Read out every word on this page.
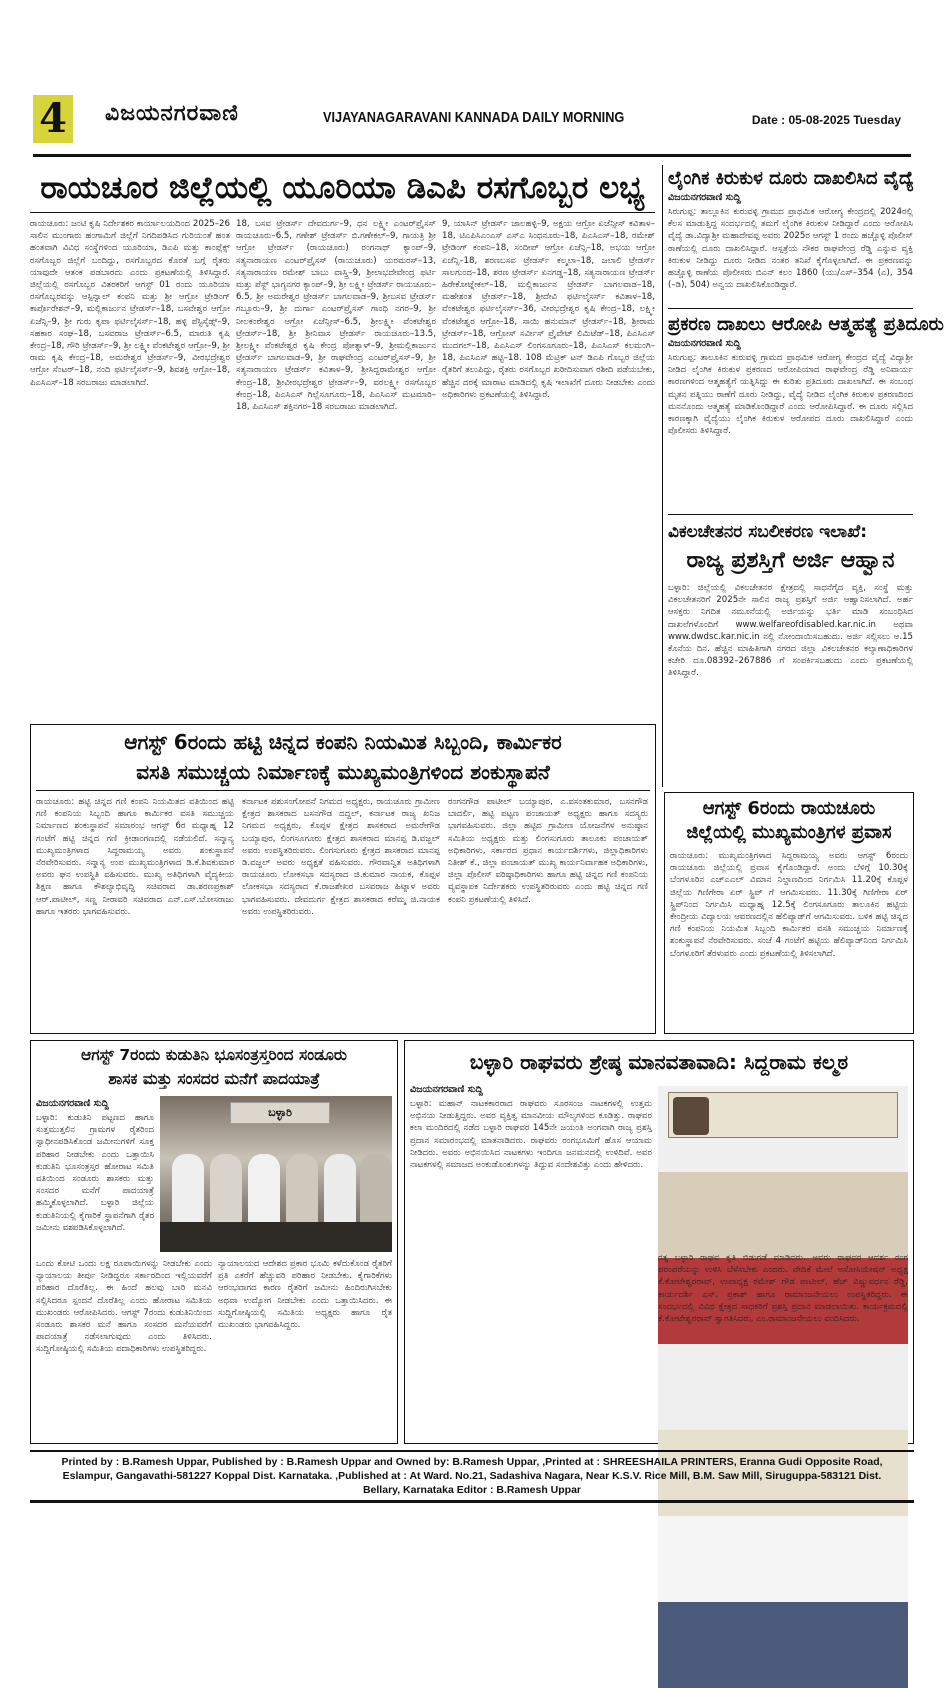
4 ವಿಜಯನಗರವಾಣಿ	VIJAYANAGARAVANI KANNADA DAILY MORNING	Date : 05-08-2025 Tuesday
ರಾಯಚೂರ ಜಿಲ್ಲೆಯಲ್ಲಿ ಯೂರಿಯಾ ಡಿಎಪಿ ರಸಗೊಬ್ಬರ ಲಭ್ಯ
ರಾಯಚೂರು: ಜಂಟಿ ಕೃಷಿ ನಿರ್ದೇಶಕರ ಕಾರ್ಯಾಲಯದಿಂದ 2025–26 ಸಾಲಿನ ಮುಂಗಾರು ಹಂಗಾಮಿಗೆ ಜಿಲ್ಲೆಗೆ ನಿಗದಿಪಡಿಸಿದ ಗುರಿಯಂತೆ ಹಂತ ಹಂತವಾಗಿ ವಿವಿಧ ಸಂಸ್ಥೆಗಳಿಂದ ಯೂರಿಯಾ, ಡಿಎಪಿ ಮತ್ತು ಕಾಂಪ್ಲೆಕ್ಸ್ ರಸಗೊಬ್ಬರ ಜಿಲ್ಲೆಗೆ ಬಂದಿದ್ದು, ರಸಗೊಬ್ಬರದ ಕೊರತೆ ಬಗ್ಗೆ ರೈತರು ಯಾವುದೇ ಆತಂಕ ಪಡಬಾರದು ಎಂದು ಪ್ರಕಟಣೆಯಲ್ಲಿ ತಿಳಿಸಿದ್ದಾರೆ. ಜಿಲ್ಲೆಯಲ್ಲಿ ರಸಗೊಬ್ಬರ ವಿತರಕರಿಗೆ ಆಗಸ್ಟ್ 01 ರಂದು ಯೂರಿಯಾ ರಸಗೊಬ್ಬರವನ್ನು ಆಸ್ಪಿನ್ವಾಲ್ ಕಂಪನಿ ಮತ್ತು ಶ್ರೀ ಆಗ್ರೋ ಟ್ರೇಡಿಂಗ್ ಕಾರ್ಪೊರೇಶನ್–9, ಮಲ್ಲಿಕಾರ್ಜುನ ಟ್ರೇಡರ್ಸ್–18, ಬಸವೇಶ್ವರ ಆಗ್ರೋ ಏಜೆನ್ಸಿ–9, ಶ್ರೀ ಗುರು ಕೃಪಾ ಫರ್ಟಿಲೈಸರ್ಸ್–18, ಹಳ್ಳಿ ಪೆಸ್ಟಿಸೈಡ್ಸ್–9, ಸಹಕಾರ ಸಂಘ–18, ಬಸವರಾಜ ಟ್ರೇಡರ್ಸ್–6.5, ಮಾರುತಿ ಕೃಷಿ ಕೇಂದ್ರ–18, ಗೌರಿ ಟ್ರೇಡರ್ಸ್–9, ಶ್ರೀ ಲಕ್ಷ್ಮೀ ವೆಂಕಟೇಶ್ವರ ಆಗ್ರೋ–9, ಶ್ರೀ ರಾಮ ಕೃಷಿ ಕೇಂದ್ರ–18, ಅಮರೇಶ್ವರ ಟ್ರೇಡರ್ಸ್–9, ವೀರಭದ್ರೇಶ್ವರ ಆಗ್ರೋ ಸೆಂಟರ್–18, ನಂದಿ ಫರ್ಟಿಲೈಸರ್ಸ್–9, ಶಿವಶಕ್ತಿ ಆಗ್ರೋ–18, ಪಿಎಸಿಎಸ್–18 ಸರಬರಾಜು ಮಾಡಲಾಗಿದೆ.
18, ಬಸವ ಟ್ರೇಡರ್ಸ್ ದೇವದುರ್ಗ–9, ಧನ ಲಕ್ಷ್ಮೀ ಎಂಟರ್‌ಪ್ರೈಸಸ್ ರಾಯಚೂರು–6.5, ಗಣೇಶ್ ಟ್ರೇಡರ್ಸ್ ಬಿ.ಗಣೇಕಲ್–9, ಗಾಯತ್ರಿ ಶ್ರೀ ಆಗ್ರೋ ಟ್ರೇಡರ್ಸ್ (ರಾಯಚೂರು) ರಂಗನಾಥ್ ಕ್ಯಾಂಪ್–9, ಸತ್ಯನಾರಾಯಣ ಎಂಟರ್‌ಪ್ರೈಸಸ್ (ರಾಯಚೂರು) ಯರಮರಸ್–13, ಸತ್ಯನಾರಾಯಣ ರಮೇಶ್ ಬಾಬು ವಾಸ್ತ್ರಿ–9, ಶ್ರೀಲಾಭದೇವೇಂದ್ರ ಫರ್ಟಿ ಮತ್ತು ಪೆಸ್ಟ್ ಭಾಗ್ಯನಗರ ಕ್ಯಾಂಪ್–9, ಶ್ರೀ ಲಕ್ಷ್ಮೀ ಟ್ರೇಡರ್ಸ್ ರಾಯಚೂರು–6.5, ಶ್ರೀ ಅಮರೇಶ್ವರ ಟ್ರೇಡರ್ಸ್ ಬಾಗಲವಾಡ–9, ಶ್ರೀಬಸವ ಟ್ರೇಡರ್ಸ್ ಗಬ್ಬೂರು–9, ಶ್ರೀ ದುರ್ಗಾ ಎಂಟರ್‌ಪ್ರೈಸಸ್ ಗಾಂಧಿ ನಗರ–9, ಶ್ರೀ ನೀಲಕಂಠೇಶ್ವರ ಆಗ್ರೋ ಏಜೆನ್ಸೀಸ್–6.5, ಶ್ರೀಲಕ್ಷ್ಮೀ ವೆಂಕಟೇಶ್ವರ ಟ್ರೇಡರ್ಸ್–18, ಶ್ರೀ ಶ್ರೀನಿವಾಸ ಟ್ರೇಡರ್ಸ್ ರಾಯಚೂರು–13.5, ಶ್ರೀಲಕ್ಷ್ಮೀ ವೆಂಕಟೇಶ್ವರ ಕೃಷಿ ಕೇಂದ್ರ ಪೋತ್ನಾಳ್–9, ಶ್ರೀಮಲ್ಲಿಕಾರ್ಜುನ ಟ್ರೇಡರ್ಸ್ ಬಾಗಲವಾಡ–9, ಶ್ರೀ ರಾಘವೇಂದ್ರ ಎಂಟರ್‌ಪ್ರೈಸಸ್–9, ಶ್ರೀ ಸತ್ಯನಾರಾಯಣ ಟ್ರೇಡರ್ಸ್ ಕವಿತಾಳ–9, ಶ್ರೀಸಿದ್ದರಾಮೇಶ್ವರ ಆಗ್ರೋ ಕೇಂದ್ರ–18, ಶ್ರೀವೀರಭದ್ರೇಶ್ವರ ಟ್ರೇಡರ್ಸ್–9, ವರಲಕ್ಷ್ಮೀ ರಸಗೊಬ್ಬರ ಕೇಂದ್ರ–18, ಪಿಎಸಿಎಸ್ ಗಿಲ್ಲೆಸೂಗೂರು–18, ಪಿಎಸಿಎಸ್ ಮಟಮಾರಿ–18, ಪಿಎಸಿಎಸ್ ಶಕ್ತಿನಗರ–18 ಸರಬರಾಜು ಮಾಡಲಾಗಿದೆ.
9, ಯಾಸಿನ್ ಟ್ರೇಡರ್ಸ್ ಜಾಲಹಳ್ಳಿ–9, ಅಕ್ಷಯ ಆಗ್ರೋ ಏಜೆನ್ಸೀಸ್ ಕವಿತಾಳ–18, ಟಿಎಪಿಸಿಎಂಎಸ್ ಎಸ್‌ಎ ಸಿಂಧನೂರು–18, ಪಿಎಸಿಎಸ್–18, ರಮೇಶ್ ಟ್ರೇಡಿಂಗ್ ಕಂಪನಿ–18, ಸಂದೀಪ್ ಆಗ್ರೋ ಏಜೆನ್ಸಿ–18, ಅಭಯ ಆಗ್ರೋ ಏಜೆನ್ಸಿ–18, ಶರಣಬಸವ ಟ್ರೇಡರ್ಸ್ ಕಲ್ಮಲಾ–18, ಜಲಾಲಿ ಟ್ರೇಡರ್ಸ್ ಸಾಲಗುಂದ–18, ಶರಣ ಟ್ರೇಡರ್ಸ್ ಏನಗಡ್ಡ–18, ಸತ್ಯನಾರಾಯಣ ಟ್ರೇಡರ್ಸ್ ಹಿರೇಕೋಟ್ನೇಕಲ್–18, ಮಲ್ಲಿಕಾರ್ಜುನ ಟ್ರೇಡರ್ಸ್ ಬಾಗಲವಾಡ–18, ಮಹೇಶಂತ ಟ್ರೇಡರ್ಸ್–18, ಶ್ರೀದೇವಿ ಫರ್ಟಿಲೈಸರ್ಸ್ ಕವಿತಾಳ–18, ವೆಂಕಟೇಶ್ವರ ಫರ್ಟಿಲೈಸರ್ಸ್–36, ವೀರಭದ್ರೇಶ್ವರ ಕೃಷಿ ಕೇಂದ್ರ–18, ಲಕ್ಷ್ಮೀ ವೆಂಕಟೇಶ್ವರ ಆಗ್ರೋ–18, ಸಾಯಿ ಹನುಮಾನ್ ಟ್ರೇಡರ್ಸ್–18, ಶ್ರೀರಾಮ ಟ್ರೇಡರ್ಸ್–18, ಆಗ್ರೋಸ್ ಸರ್ವೀಸ್ ಪ್ರೈವೇಟ್ ಲಿಮಿಟೆಡ್–18, ಪಿಎಸಿಎಸ್ ಮುದಗಲ್–18, ಪಿಎಸಿಎಸ್ ಲಿಂಗಸೂಗೂರು–18, ಪಿಎಸಿಎಸ್ ಕಲಮಂಗಿ–18, ಪಿಎಸಿಎಸ್ ಹಟ್ಟಿ–18. 108 ಮೆಟ್ರಿಕ್ ಟನ್ ಡಿಎಪಿ ಗೊಬ್ಬರ ಜಿಲ್ಲೆಯ ರೈತರಿಗೆ ತಲುಪಿದ್ದು, ರೈತರು ರಸಗೊಬ್ಬರ ಖರೀದಿಸುವಾಗ ರಶೀದಿ ಪಡೆಯಬೇಕು, ಹೆಚ್ಚಿನ ದರಕ್ಕೆ ಮಾರಾಟ ಮಾಡಿದಲ್ಲಿ ಕೃಷಿ ಇಲಾಖೆಗೆ ದೂರು ನೀಡಬೇಕು ಎಂದು ಅಧಿಕಾರಿಗಳು ಪ್ರಕಟಣೆಯಲ್ಲಿ ತಿಳಿಸಿದ್ದಾರೆ.
ಲೈಂಗಿಕ ಕಿರುಕುಳ ದೂರು ದಾಖಲಿಸಿದ ವೈದ್ಯೆ
ವಿಜಯನಗರವಾಣಿ ಸುದ್ದಿ
ಸಿರುಗುಪ್ಪ: ತಾಲ್ಲೂಕಿನ ಕುರುವಳ್ಳಿ ಗ್ರಾಮದ ಪ್ರಾಥಮಿಕ ಆರೋಗ್ಯ ಕೇಂದ್ರದಲ್ಲಿ 2024ರಲ್ಲಿ ಕೆಲಸ ಮಾಡುತ್ತಿದ್ದ ಸಂದರ್ಭದಲ್ಲಿ ತಮಗೆ ಲೈಂಗಿಕ ಕಿರುಕುಳ ನೀಡಿದ್ದಾರೆ ಎಂದು ಆರೋಪಿಸಿ ವೈದ್ಯೆ ಡಾ.ವಿದ್ಯಾಶ್ರೀ ಮಹಾದೇವಪ್ಪ ಅವರು 2025ರ ಆಗಸ್ಟ್ 1 ರಂದು ಹಚ್ಚೊಳ್ಳಿ ಪೊಲೀಸ್ ಠಾಣೆಯಲ್ಲಿ ದೂರು ದಾಖಲಿಸಿದ್ದಾರೆ. ಆಸ್ಪತ್ರೆಯ ನೌಕರ ರಾಘವೇಂದ್ರ ರೆಡ್ಡಿ ಎನ್ನುವ ವ್ಯಕ್ತಿ ಕಿರುಕುಳ ನೀಡಿದ್ದು ದೂರು ನೀಡಿದ ನಂತರ ತನಿಖೆ ಕೈಗೊಳ್ಳಲಾಗಿದೆ. ಈ ಪ್ರಕರಣವನ್ನು ಹಚ್ಚೊಳ್ಳಿ ಠಾಣೆಯ ಪೊಲೀಸರು ಬಿಎನ್ ಕಲಂ 1860 (ಯು/ಎಸ್–354 (ಎ), 354 (–ಡಿ), 504) ಅನ್ವಯ ದಾಖಲಿಸಿಕೊಂಡಿದ್ದಾರೆ.
ಪ್ರಕರಣ ದಾಖಲು ಆರೋಪಿ ಆತ್ಮಹತ್ಯೆ ಪ್ರತಿದೂರು
ವಿಜಯನಗರವಾಣಿ ಸುದ್ದಿ
ಸಿರುಗುಪ್ಪ: ತಾಲೂಕಿನ ಕುರುವಳ್ಳಿ ಗ್ರಾಮದ ಪ್ರಾಥಮಿಕ ಆರೋಗ್ಯ ಕೇಂದ್ರದ ವೈದ್ಯೆ ವಿದ್ಯಾಶ್ರೀ ನೀಡಿದ ಲೈಂಗಿಕ ಕಿರುಕುಳ ಪ್ರಕರಣದ ಆರೋಪಿಯಾದ ರಾಘವೇಂದ್ರ ರೆಡ್ಡಿ ಅನಿವಾರ್ಯ ಕಾರಣಗಳಿಂದ ಆತ್ಮಹತ್ಯೆಗೆ ಯತ್ನಿಸಿದ್ದು ಈ ಕುರಿತು ಪ್ರತಿದೂರು ದಾಖಲಾಗಿದೆ. ಈ ಸಂಬಂಧ ಮೃತನ ಪತ್ನಿಯು ಠಾಣೆಗೆ ದೂರು ನೀಡಿದ್ದು, ವೈದ್ಯೆ ನೀಡಿದ ಲೈಂಗಿಕ ಕಿರುಕುಳ ಪ್ರಕರಣದಿಂದ ಮನನೊಂದು ಆತ್ಮಹತ್ಯೆ ಮಾಡಿಕೊಂಡಿದ್ದಾರೆ ಎಂದು ಆರೋಪಿಸಿದ್ದಾರೆ. ಈ ದೂರು ಸಲ್ಲಿಸಿದ ಕಾರಣಕ್ಕಾಗಿ ವೈದ್ಯೆಯು ಲೈಂಗಿಕ ಕಿರುಕುಳ ಆರೋಪದ ದೂರು ದಾಖಲಿಸಿದ್ದಾರೆ ಎಂದು ಪೊಲೀಸರು ತಿಳಿಸಿದ್ದಾರೆ.
ವಿಕಲಚೇತನರ ಸಬಲೀಕರಣ ಇಲಾಖೆ:
ರಾಜ್ಯ ಪ್ರಶಸ್ತಿಗೆ ಅರ್ಜಿ ಆಹ್ವಾನ
ಬಳ್ಳಾರಿ: ಜಿಲ್ಲೆಯಲ್ಲಿ ವಿಕಲಚೇತನರ ಕ್ಷೇತ್ರದಲ್ಲಿ ಸಾಧನೆಗೈದ ವ್ಯಕ್ತಿ, ಸಂಸ್ಥೆ ಮತ್ತು ವಿಕಲಚೇತನರಿಗೆ 2025ನೇ ಸಾಲಿನ ರಾಜ್ಯ ಪ್ರಶಸ್ತಿಗೆ ಅರ್ಜಿ ಆಹ್ವಾನಿಸಲಾಗಿದೆ. ಅರ್ಹ ಆಸಕ್ತರು ನಿಗದಿತ ನಮೂನೆಯಲ್ಲಿ ಅರ್ಜಿಯನ್ನು ಭರ್ತಿ ಮಾಡಿ ಸಂಬಂಧಿಸಿದ ದಾಖಲೆಗಳೊಂದಿಗೆ www.welfareofdisabled.kar.nic.in ಅಥವಾ www.dwdsc.kar.nic.in ನಲ್ಲಿ ನೋಂದಾಯಿಸಬಹುದು. ಅರ್ಜಿ ಸಲ್ಲಿಸಲು ಆ.15 ಕೊನೆಯ ದಿನ. ಹೆಚ್ಚಿನ ಮಾಹಿತಿಗಾಗಿ ನಗರದ ಜಿಲ್ಲಾ ವಿಕಲಚೇತನರ ಕಲ್ಯಾಣಾಧಿಕಾರಿಗಳ ಕಚೇರಿ ದೂ.08392–267886 ಗೆ ಸಂಪರ್ಕಿಸಬಹುದು ಎಂದು ಪ್ರಕಟಣೆಯಲ್ಲಿ ತಿಳಿಸಿದ್ದಾರೆ.
ಆಗಸ್ಟ್ 6ರಂದು ಹಟ್ಟಿ ಚಿನ್ನದ ಕಂಪನಿ ನಿಯಮಿತ ಸಿಬ್ಬಂದಿ, ಕಾರ್ಮಿಕರ
ವಸತಿ ಸಮುಚ್ಚಯ ನಿರ್ಮಾಣಕ್ಕೆ ಮುಖ್ಯಮಂತ್ರಿಗಳಿಂದ ಶಂಕುಸ್ಥಾಪನೆ
ರಾಯಚೂರು: ಹಟ್ಟಿ ಚಿನ್ನದ ಗಣಿ ಕಂಪನಿ ನಿಯಮಿತದ ವತಿಯಿಂದ ಹಟ್ಟಿ ಗಣಿ ಕಂಪನಿಯ ಸಿಬ್ಬಂದಿ ಹಾಗೂ ಕಾರ್ಮಿಕರ ವಸತಿ ಸಮುಚ್ಚಯ ನಿರ್ಮಾಣದ ಶಂಕುಸ್ಥಾಪನೆ ಸಮಾರಂಭ ಆಗಸ್ಟ್ 6ರ ಮಧ್ಯಾಹ್ನ 12 ಗಂಟೆಗೆ ಹಟ್ಟಿ ಚಿನ್ನದ ಗಣಿ ಕ್ರೀಡಾಂಗಣದಲ್ಲಿ ನಡೆಯಲಿದೆ. ಸನ್ಮಾನ್ಯ ಮುಖ್ಯಮಂತ್ರಿಗಳಾದ ಸಿದ್ದರಾಮಯ್ಯ ಅವರು ಶಂಕುಸ್ಥಾಪನೆ ನೆರವೇರಿಸುವರು. ಸನ್ಮಾನ್ಯ ಉಪ ಮುಖ್ಯಮಂತ್ರಿಗಳಾದ ಡಿ.ಕೆ.ಶಿವಕುಮಾರ ಅವರು ಘನ ಉಪಸ್ಥಿತಿ ವಹಿಸುವರು. ಮುಖ್ಯ ಅತಿಥಿಗಳಾಗಿ ವೈದ್ಯಕೀಯ ಶಿಕ್ಷಣ ಹಾಗೂ ಕೌಶಲ್ಯಾಭಿವೃದ್ಧಿ ಸಚಿವರಾದ ಡಾ.ಶರಣಪ್ರಕಾಶ್ ಆರ್.ಪಾಟೀಲ್, ಸಣ್ಣ ನೀರಾವರಿ ಸಚಿವರಾದ ಎನ್.ಎಸ್.ಬೋಸರಾಜು ಹಾಗೂ ಇತರರು ಭಾಗವಹಿಸುವರು.
ಕರ್ನಾಟಕ ಪಶುಸಂಗೋಪನೆ ನಿಗಮದ ಅಧ್ಯಕ್ಷರು, ರಾಯಚೂರು ಗ್ರಾಮೀಣ ಕ್ಷೇತ್ರದ ಶಾಸಕರಾದ ಬಸನಗೌಡ ದದ್ದಲ್, ಕರ್ನಾಟಕ ರಾಜ್ಯ ಖನಿಜ ನಿಗಮದ ಅಧ್ಯಕ್ಷರು, ಕೊಪ್ಪಳ ಕ್ಷೇತ್ರದ ಶಾಸಕರಾದ ಅಮರೇಗೌಡ ಬಯ್ಯಾಪುರ, ಲಿಂಗಸೂಗೂರು ಕ್ಷೇತ್ರದ ಶಾಸಕರಾದ ಮಾನಪ್ಪ ಡಿ.ವಜ್ಜಲ್ ಅವರು ಉಪಸ್ಥಿತರಿರುವರು. ಲಿಂಗಸುಗೂರು ಕ್ಷೇತ್ರದ ಶಾಸಕರಾದ ಮಾನಪ್ಪ ಡಿ.ವಜ್ಜಲ್ ಅವರು ಅಧ್ಯಕ್ಷತೆ ವಹಿಸುವರು. ಗೌರವಾನ್ವಿತ ಅತಿಥಿಗಳಾಗಿ ರಾಯಚೂರು ಲೋಕಸಭಾ ಸದಸ್ಯರಾದ ಜಿ.ಕುಮಾರ ನಾಯಕ, ಕೊಪ್ಪಳ ಲೋಕಸಭಾ ಸದಸ್ಯರಾದ ಕೆ.ರಾಜಶೇಖರ ಬಸವರಾಜ ಹಿಟ್ನಾಳ ಅವರು ಭಾಗವಹಿಸುವರು. ದೇವದುರ್ಗ ಕ್ಷೇತ್ರದ ಶಾಸಕರಾದ ಕರೆಮ್ಮ ಜಿ.ನಾಯಕ ಅವರು ಉಪಸ್ಥಿತರಿರುವರು.
ರಂಗನಗೌಡ ಪಾಟೀಲ್ ಬಯ್ಯಾಪುರ, ಎ.ವಸಂತಕುಮಾರ, ಬಸನಗೌಡ ಬಾದರ್ಲಿ, ಹಟ್ಟಿ ಪಟ್ಟಣ ಪಂಚಾಯತ್ ಅಧ್ಯಕ್ಷರು ಹಾಗೂ ಸದಸ್ಯರು ಭಾಗವಹಿಸುವರು. ಜಿಲ್ಲಾ ಹಟ್ಟಿದ ಗ್ರಾಮೀಣ ಯೋಜನೆಗಳ ಅನುಷ್ಠಾನ ಸಮಿತಿಯ ಅಧ್ಯಕ್ಷರು ಮತ್ತು ಲಿಂಗಸುಗೂರು ತಾಲೂಕು ಪಂಚಾಯತ್ ಅಧಿಕಾರಿಗಳು, ಸರ್ಕಾರದ ಪ್ರಧಾನ ಕಾರ್ಯದರ್ಶಿಗಳು, ಜಿಲ್ಲಾಧಿಕಾರಿಗಳು ನಿತೀಶ್ ಕೆ., ಜಿಲ್ಲಾ ಪಂಚಾಯತ್ ಮುಖ್ಯ ಕಾರ್ಯನಿರ್ವಾಹಕ ಅಧಿಕಾರಿಗಳು, ಜಿಲ್ಲಾ ಪೊಲೀಸ್ ವರಿಷ್ಠಾಧಿಕಾರಿಗಳು ಹಾಗೂ ಹಟ್ಟಿ ಚಿನ್ನದ ಗಣಿ ಕಂಪನಿಯ ವ್ಯವಸ್ಥಾಪಕ ನಿರ್ದೇಶಕರು ಉಪಸ್ಥಿತರಿರುವರು ಎಂದು ಹಟ್ಟಿ ಚಿನ್ನದ ಗಣಿ ಕಂಪನಿ ಪ್ರಕಟಣೆಯಲ್ಲಿ ತಿಳಿಸಿದೆ.
ಆಗಸ್ಟ್ 6ರಂದು ರಾಯಚೂರು
ಜಿಲ್ಲೆಯಲ್ಲಿ ಮುಖ್ಯಮಂತ್ರಿಗಳ ಪ್ರವಾಸ
ರಾಯಚೂರು: ಮುಖ್ಯಮಂತ್ರಿಗಳಾದ ಸಿದ್ದರಾಮಯ್ಯ ಅವರು ಆಗಸ್ಟ್ 6ರಂದು ರಾಯಚೂರು ಜಿಲ್ಲೆಯಲ್ಲಿ ಪ್ರವಾಸ ಕೈಗೊಂಡಿದ್ದಾರೆ. ಅಂದು ಬೆಳಿಗ್ಗೆ 10.30ಕ್ಕೆ ಬೆಂಗಳೂರಿನ ಎಚ್‌ಎಎಲ್ ವಿಮಾನ ನಿಲ್ದಾಣದಿಂದ ನಿರ್ಗಮಿಸಿ 11.20ಕ್ಕೆ ಕೊಪ್ಪಳ ಜಿಲ್ಲೆಯ ಗಿಣಿಗೇರಾ ಏರ್ ಸ್ಟ್ರಿಪ್ ಗೆ ಆಗಮಿಸುವರು. 11.30ಕ್ಕೆ ಗಿಣಿಗೇರಾ ಏರ್ ಸ್ಟ್ರಿಪ್‌ನಿಂದ ನಿರ್ಗಮಿಸಿ ಮಧ್ಯಾಹ್ನ 12.5ಕ್ಕೆ ಲಿಂಗಸೂಗೂರು ತಾಲೂಕಿನ ಹಟ್ಟಿಯ ಕೇಂದ್ರೀಯ ವಿದ್ಯಾಲಯ ಆವರಣದಲ್ಲಿನ ಹೆಲಿಪ್ಯಾಡ್‌ಗೆ ಆಗಮಿಸುವರು. ಬಳಿಕ ಹಟ್ಟಿ ಚಿನ್ನದ ಗಣಿ ಕಂಪನಿಯ ನಿಯಮಿತ ಸಿಬ್ಬಂದಿ ಕಾರ್ಮಿಕರ ವಸತಿ ಸಮುಚ್ಚಯ ನಿರ್ಮಾಣಕ್ಕೆ ಶಂಕುಸ್ಥಾಪನೆ ನೆರವೇರಿಸುವರು. ಸಂಜೆ 4 ಗಂಟೆಗೆ ಹಟ್ಟಿಯ ಹೆಲಿಪ್ಯಾಡ್‌ನಿಂದ ನಿರ್ಗಮಿಸಿ ಬೆಂಗಳೂರಿಗೆ ತೆರಳುವರು ಎಂದು ಪ್ರಕಟಣೆಯಲ್ಲಿ ತಿಳಿಸಲಾಗಿದೆ.
ಆಗಸ್ಟ್ 7ರಂದು ಕುಡುತಿನಿ ಭೂಸಂತ್ರಸ್ತರಿಂದ ಸಂಡೂರು
ಶಾಸಕ ಮತ್ತು ಸಂಸದರ ಮನೆಗೆ ಪಾದಯಾತ್ರೆ
ವಿಜಯನಗರವಾಣಿ ಸುದ್ದಿ
ಬಳ್ಳಾರಿ: ಕುಡುತಿನಿ ಪಟ್ಟಣದ ಹಾಗೂ ಸುತ್ತಮುತ್ತಲಿನ ಗ್ರಾಮಗಳ ರೈತರಿಂದ ಸ್ವಾಧೀನಪಡಿಸಿಕೊಂಡ ಜಮೀನುಗಳಿಗೆ ಸೂಕ್ತ ಪರಿಹಾರ ನೀಡಬೇಕು ಎಂದು ಒತ್ತಾಯಿಸಿ ಕುಡುತಿನಿ ಭೂಸಂತ್ರಸ್ತರ ಹೋರಾಟ ಸಮಿತಿ ವತಿಯಿಂದ ಸಂಡೂರು ಶಾಸಕರು ಮತ್ತು ಸಂಸದರ ಮನೆಗೆ ಪಾದಯಾತ್ರೆ ಹಮ್ಮಿಕೊಳ್ಳಲಾಗಿದೆ. ಬಳ್ಳಾರಿ ಜಿಲ್ಲೆಯ ಕುಡುತಿನಿಯಲ್ಲಿ ಕೈಗಾರಿಕೆ ಸ್ಥಾಪನೆಗಾಗಿ ರೈತರ ಜಮೀನು ವಶಪಡಿಸಿಕೊಳ್ಳಲಾಗಿದೆ.
ಬಳ್ಳಾರಿ
ಒಂದು ಕೋಟಿ ಒಂದು ಲಕ್ಷ ರೂಪಾಯಿಗಳನ್ನು ನೀಡಬೇಕು ಎಂದು ನ್ಯಾಯಾಲಯ ತೀರ್ಪು ನೀಡಿದ್ದರೂ ಸರ್ಕಾರದಿಂದ ಇಲ್ಲಿಯವರೆಗೆ ಪರಿಹಾರ ದೊರೆತಿಲ್ಲ. ಈ ಹಿಂದೆ ಹಲವು ಬಾರಿ ಮನವಿ ಸಲ್ಲಿಸಿದರೂ ಸ್ಪಂದನೆ ದೊರೆತಿಲ್ಲ ಎಂದು ಹೋರಾಟ ಸಮಿತಿಯ ಮುಖಂಡರು ಆರೋಪಿಸಿದರು. ಆಗಸ್ಟ್ 7ರಂದು ಕುಡುತಿನಿಯಿಂದ ಸಂಡೂರು ಶಾಸಕರ ಮನೆ ಹಾಗೂ ಸಂಸದರ ಮನೆಯವರೆಗೆ ಪಾದಯಾತ್ರೆ ನಡೆಸಲಾಗುವುದು ಎಂದು ತಿಳಿಸಿದರು. ಸುದ್ದಿಗೋಷ್ಠಿಯಲ್ಲಿ ಸಮಿತಿಯ ಪದಾಧಿಕಾರಿಗಳು ಉಪಸ್ಥಿತರಿದ್ದರು.
ನ್ಯಾಯಾಲಯದ ಆದೇಶದ ಪ್ರಕಾರ ಭೂಮಿ ಕಳೆದುಕೊಂಡ ರೈತರಿಗೆ ಪ್ರತಿ ಎಕರೆಗೆ ಹೆಚ್ಚುವರಿ ಪರಿಹಾರ ನೀಡಬೇಕು. ಕೈಗಾರಿಕೆಗಳು ಆರಂಭವಾಗದ ಕಾರಣ ರೈತರಿಗೆ ಜಮೀನು ಹಿಂದಿರುಗಿಸಬೇಕು ಅಥವಾ ಉದ್ಯೋಗ ನೀಡಬೇಕು ಎಂದು ಒತ್ತಾಯಿಸಿದರು. ಈ ಸುದ್ದಿಗೋಷ್ಠಿಯಲ್ಲಿ ಸಮಿತಿಯ ಅಧ್ಯಕ್ಷರು ಹಾಗೂ ರೈತ ಮುಖಂಡರು ಭಾಗವಹಿಸಿದ್ದರು.
ಬಳ್ಳಾರಿ ರಾಘವರು ಶ್ರೇಷ್ಠ ಮಾನವತಾವಾದಿ: ಸಿದ್ದರಾಮ ಕಲ್ಮಠ
ವಿಜಯನಗರವಾಣಿ ಸುದ್ದಿ
ಬಳ್ಳಾರಿ: ಮಹಾನ್ ನಾಟಕಕಾರರಾದ ರಾಘವರು ಸೂರಸಂಜ ನಾಟಕಗಳಲ್ಲಿ ಉತ್ತಮ ಅಭಿನಯ ನೀಡುತ್ತಿದ್ದರು. ಅವರ ವ್ಯಕ್ತಿತ್ವ ಮಾನವೀಯ ಮೌಲ್ಯಗಳಿಂದ ಕೂಡಿತ್ತು. ರಾಘವರ ಕಲಾ ಮಂದಿರದಲ್ಲಿ ನಡೆದ ಬಳ್ಳಾರಿ ರಾಘವರ 145ನೇ ಜಯಂತಿ ಅಂಗವಾಗಿ ರಾಜ್ಯ ಪ್ರಶಸ್ತಿ ಪ್ರದಾನ ಸಮಾರಂಭದಲ್ಲಿ ಮಾತನಾಡಿದರು. ರಾಘವರು ರಂಗಭೂಮಿಗೆ ಹೊಸ ಆಯಾಮ ನೀಡಿದರು. ಅವರು ಅಭಿನಯಿಸಿದ ನಾಟಕಗಳು ಇಂದಿಗೂ ಜನಮನದಲ್ಲಿ ಉಳಿದಿವೆ. ಅವರ ನಾಟಕಗಳಲ್ಲಿ ಸಮಾಜದ ಅಂಕುಡೊಂಕುಗಳನ್ನು ತಿದ್ದುವ ಸಂದೇಶವಿತ್ತು ಎಂದು ಹೇಳಿದರು.
ರತ್ನ ಬಳ್ಳಾರಿ ರಾಘವ ಕೃತಿ ಬಿಡುಗಡೆ ಮಾಡಿದರು. ಅವರು ರಾಘವರ ಆದರ್ಶ ರಂಗ ಪರಂಪರೆಯನ್ನು ಉಳಿಸಿ ಬೆಳೆಸಬೇಕು ಎಂದರು. ವೇದಿಕೆ ಮೇಲೆ ಅಸೋಸಿಯೇಷನ್ ಅಧ್ಯಕ್ಷ ಕೆ.ಕೋಟೇಶ್ವರರಾವ್, ಉಪಾಧ್ಯಕ್ಷ ರಮೇಶ್ ಗೌಡ ಪಾಟೀಲ್, ಹೆಚ್ ವಿಷ್ಣುವರ್ಧನ ರೆಡ್ಡಿ, ಕಾರ್ಯದರ್ಶಿ ಎಸ್. ಪ್ರಕಾಶ್ ಹಾಗೂ ರಾಮಾಂಜನೇಯಲು ಉಪಸ್ಥಿತರಿದ್ದರು. ಈ ಸಂದರ್ಭದಲ್ಲಿ ವಿವಿಧ ಕ್ಷೇತ್ರದ ಸಾಧಕರಿಗೆ ಪ್ರಶಸ್ತಿ ಪ್ರದಾನ ಮಾಡಲಾಯಿತು. ಕಾರ್ಯಕ್ರಮದಲ್ಲಿ ಕೆ.ಕೋಟೇಶ್ವರರಾವ್ ಸ್ವಾಗತಿಸಿದರು, ಎಂ.ರಾಮಾಂಜನೇಯಲು ವಂದಿಸಿದರು.
Printed by : B.Ramesh Uppar, Published by : B.Ramesh Uppar and Owned by: B.Ramesh Uppar, ,Printed at : SHREESHAILA PRINTERS, Eranna Gudi Opposite Road,
Eslampur, Gangavathi-581227 Koppal Dist. Karnataka. ,Published at : At Ward. No.21, Sadashiva Nagara, Near K.S.V. Rice Mill, B.M. Saw Mill, Siruguppa-583121 Dist.
Bellary, Karnataka Editor : B.Ramesh Uppar
